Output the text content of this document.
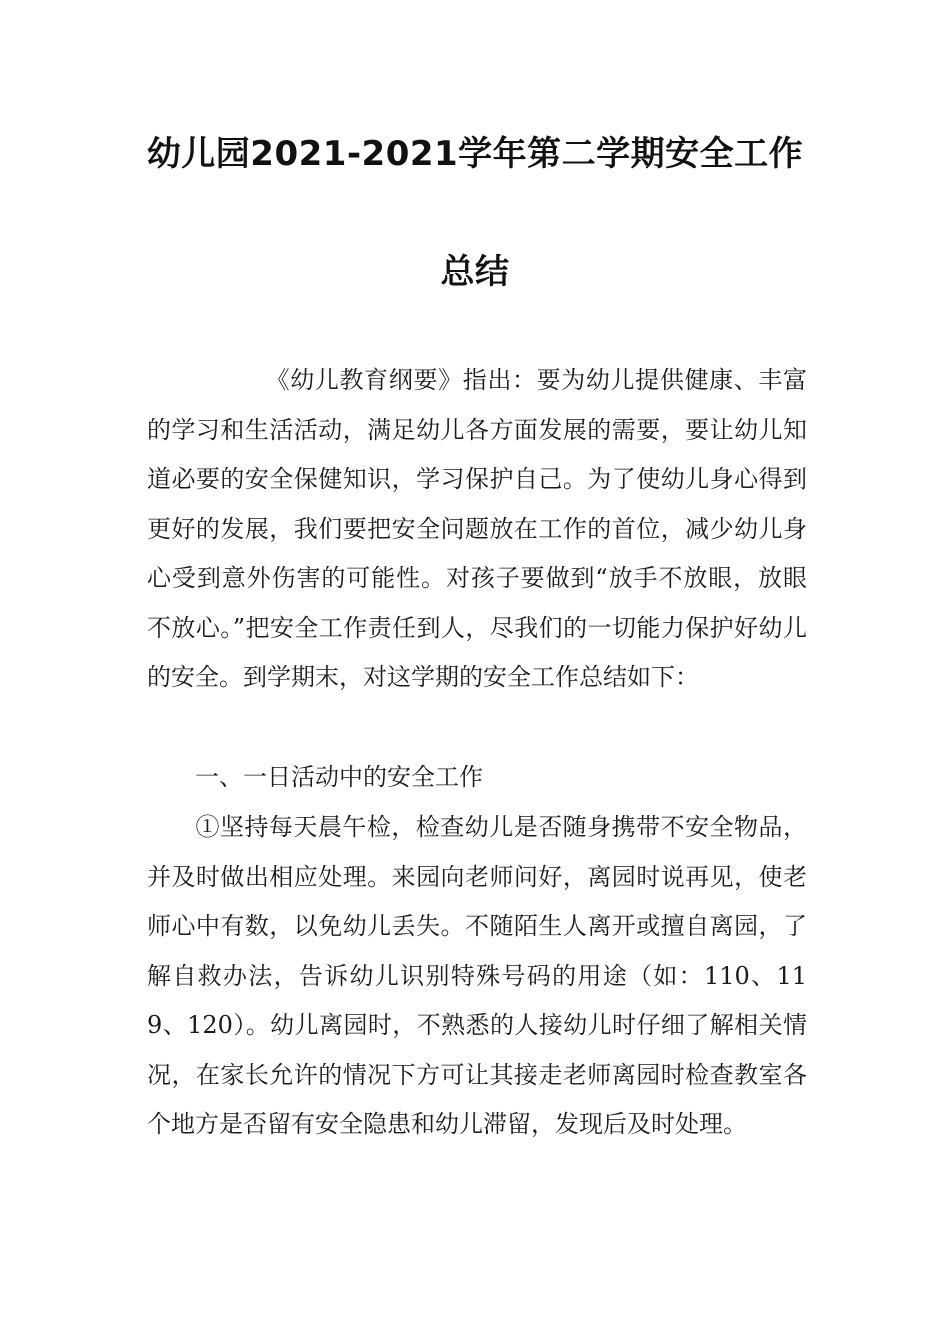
幼儿园2021-2021学年第二学期安全工作
总结

《幼儿教育纲要》指出：要为幼儿提供健康、丰富的学习和生活活动，满足幼儿各方面发展的需要，要让幼儿知道必要的安全保健知识，学习保护自己。为了使幼儿身心得到更好的发展，我们要把安全问题放在工作的首位，减少幼儿身心受到意外伤害的可能性。对孩子要做到“放手不放眼，放眼不放心。”把安全工作责任到人，尽我们的一切能力保护好幼儿的安全。到学期末，对这学期的安全工作总结如下：

一、一日活动中的安全工作

①坚持每天晨午检，检查幼儿是否随身携带不安全物品，并及时做出相应处理。来园向老师问好，离园时说再见，使老师心中有数，以免幼儿丢失。不随陌生人离开或擅自离园，了解自救办法，告诉幼儿识别特殊号码的用途（如：110、119、120）。幼儿离园时，不熟悉的人接幼儿时仔细了解相关情况，在家长允许的情况下方可让其接走老师离园时检查教室各个地方是否留有安全隐患和幼儿滞留，发现后及时处理。
